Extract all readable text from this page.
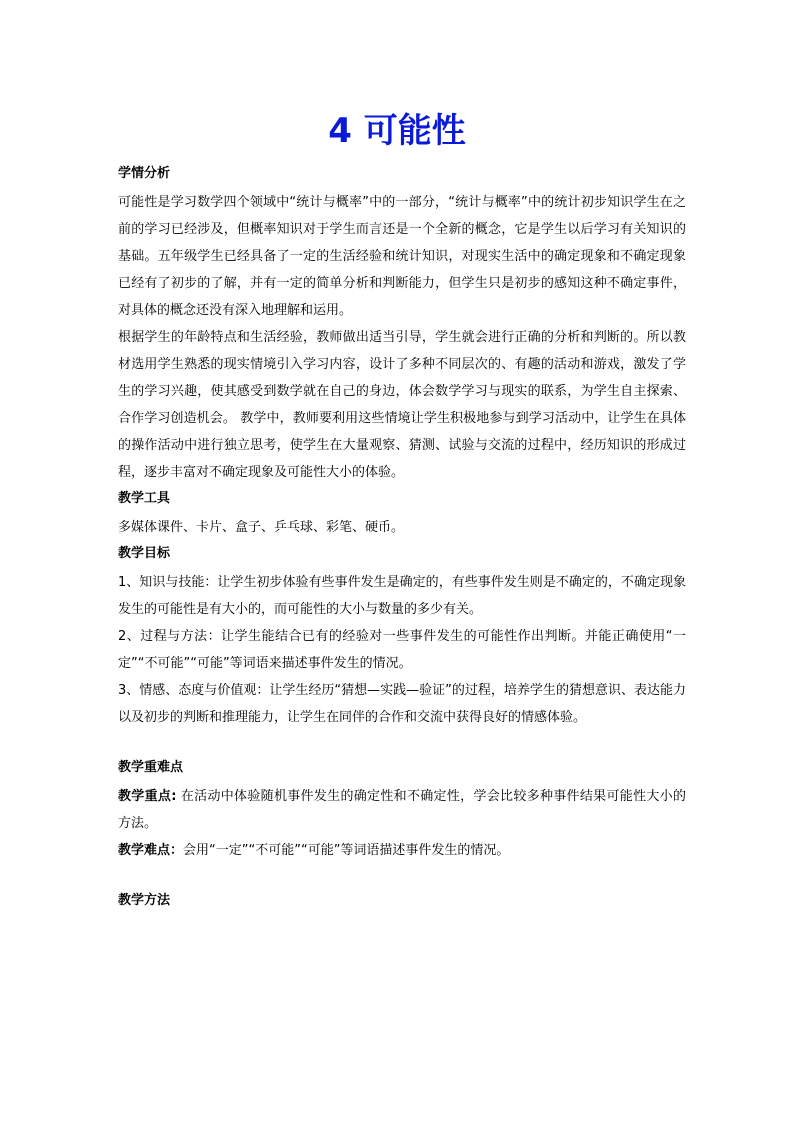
4 可能性
学情分析

可能性是学习数学四个领域中“统计与概率”中的一部分，“统计与概率”中的统计初步知识学生在之前的学习已经涉及，但概率知识对于学生而言还是一个全新的概念，它是学生以后学习有关知识的基础。五年级学生已经具备了一定的生活经验和统计知识，对现实生活中的确定现象和不确定现象已经有了初步的了解，并有一定的简单分析和判断能力，但学生只是初步的感知这种不确定事件，对具体的概念还没有深入地理解和运用。

根据学生的年龄特点和生活经验，教师做出适当引导，学生就会进行正确的分析和判断的。所以教材选用学生熟悉的现实情境引入学习内容，设计了多种不同层次的、有趣的活动和游戏，激发了学生的学习兴趣，使其感受到数学就在自己的身边，体会数学学习与现实的联系，为学生自主探索、合作学习创造机会。 教学中，教师要利用这些情境让学生积极地参与到学习活动中，让学生在具体的操作活动中进行独立思考，使学生在大量观察、猜测、试验与交流的过程中，经历知识的形成过程，逐步丰富对不确定现象及可能性大小的体验。

教学工具

多媒体课件、卡片、盒子、乒乓球、彩笔、硬币。

教学目标

1、知识与技能：让学生初步体验有些事件发生是确定的，有些事件发生则是不确定的，不确定现象发生的可能性是有大小的，而可能性的大小与数量的多少有关。

2、过程与方法：让学生能结合已有的经验对一些事件发生的可能性作出判断。并能正确使用“一定”“不可能”“可能”等词语来描述事件发生的情况。

3、情感、态度与价值观：让学生经历“猜想—实践—验证”的过程，培养学生的猜想意识、表达能力以及初步的判断和推理能力，让学生在同伴的合作和交流中获得良好的情感体验。

教学重难点

教学重点: 在活动中体验随机事件发生的确定性和不确定性，学会比较多种事件结果可能性大小的方法。

教学难点：会用“一定”“不可能”“可能”等词语描述事件发生的情况。

教学方法
